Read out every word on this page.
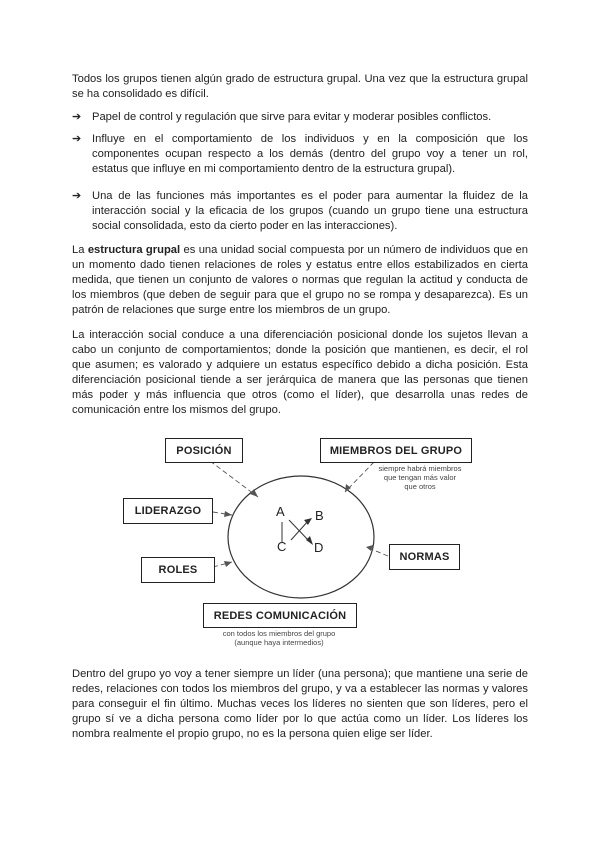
Todos los grupos tienen algún grado de estructura grupal. Una vez que la estructura grupal se ha consolidado es difícil.
➔ Papel de control y regulación que sirve para evitar y moderar posibles conflictos.
➔ Influye en el comportamiento de los individuos y en la composición que los componentes ocupan respecto a los demás (dentro del grupo voy a tener un rol, estatus que influye en mi comportamiento dentro de la estructura grupal).
➔ Una de las funciones más importantes es el poder para aumentar la fluidez de la interacción social y la eficacia de los grupos (cuando un grupo tiene una estructura social consolidada, esto da cierto poder en las interacciones).
La estructura grupal es una unidad social compuesta por un número de individuos que en un momento dado tienen relaciones de roles y estatus entre ellos estabilizados en cierta medida, que tienen un conjunto de valores o normas que regulan la actitud y conducta de los miembros (que deben de seguir para que el grupo no se rompa y desaparezca). Es un patrón de relaciones que surge entre los miembros de un grupo.
La interacción social conduce a una diferenciación posicional donde los sujetos llevan a cabo un conjunto de comportamientos; donde la posición que mantienen, es decir, el rol que asumen; es valorado y adquiere un estatus específico debido a dicha posición. Esta diferenciación posicional tiende a ser jerárquica de manera que las personas que tienen más poder y más influencia que otros (como el líder), que desarrolla unas redes de comunicación entre los mismos del grupo.
A B
C D
POSICIÓN	MIEMBROS DEL GRUPO
siempre habrá miembros
que tengan más valor
que otros
LIDERAZGO
NORMAS
ROLES
REDES COMUNICACIÓN
con todos los miembros del grupo
(aunque haya intermedios)
Dentro del grupo yo voy a tener siempre un líder (una persona); que mantiene una serie de redes, relaciones con todos los miembros del grupo, y va a establecer las normas y valores para conseguir el fin último. Muchas veces los líderes no sienten que son líderes, pero el grupo sí ve a dicha persona como líder por lo que actúa como un líder. Los líderes los nombra realmente el propio grupo, no es la persona quien elige ser líder.
